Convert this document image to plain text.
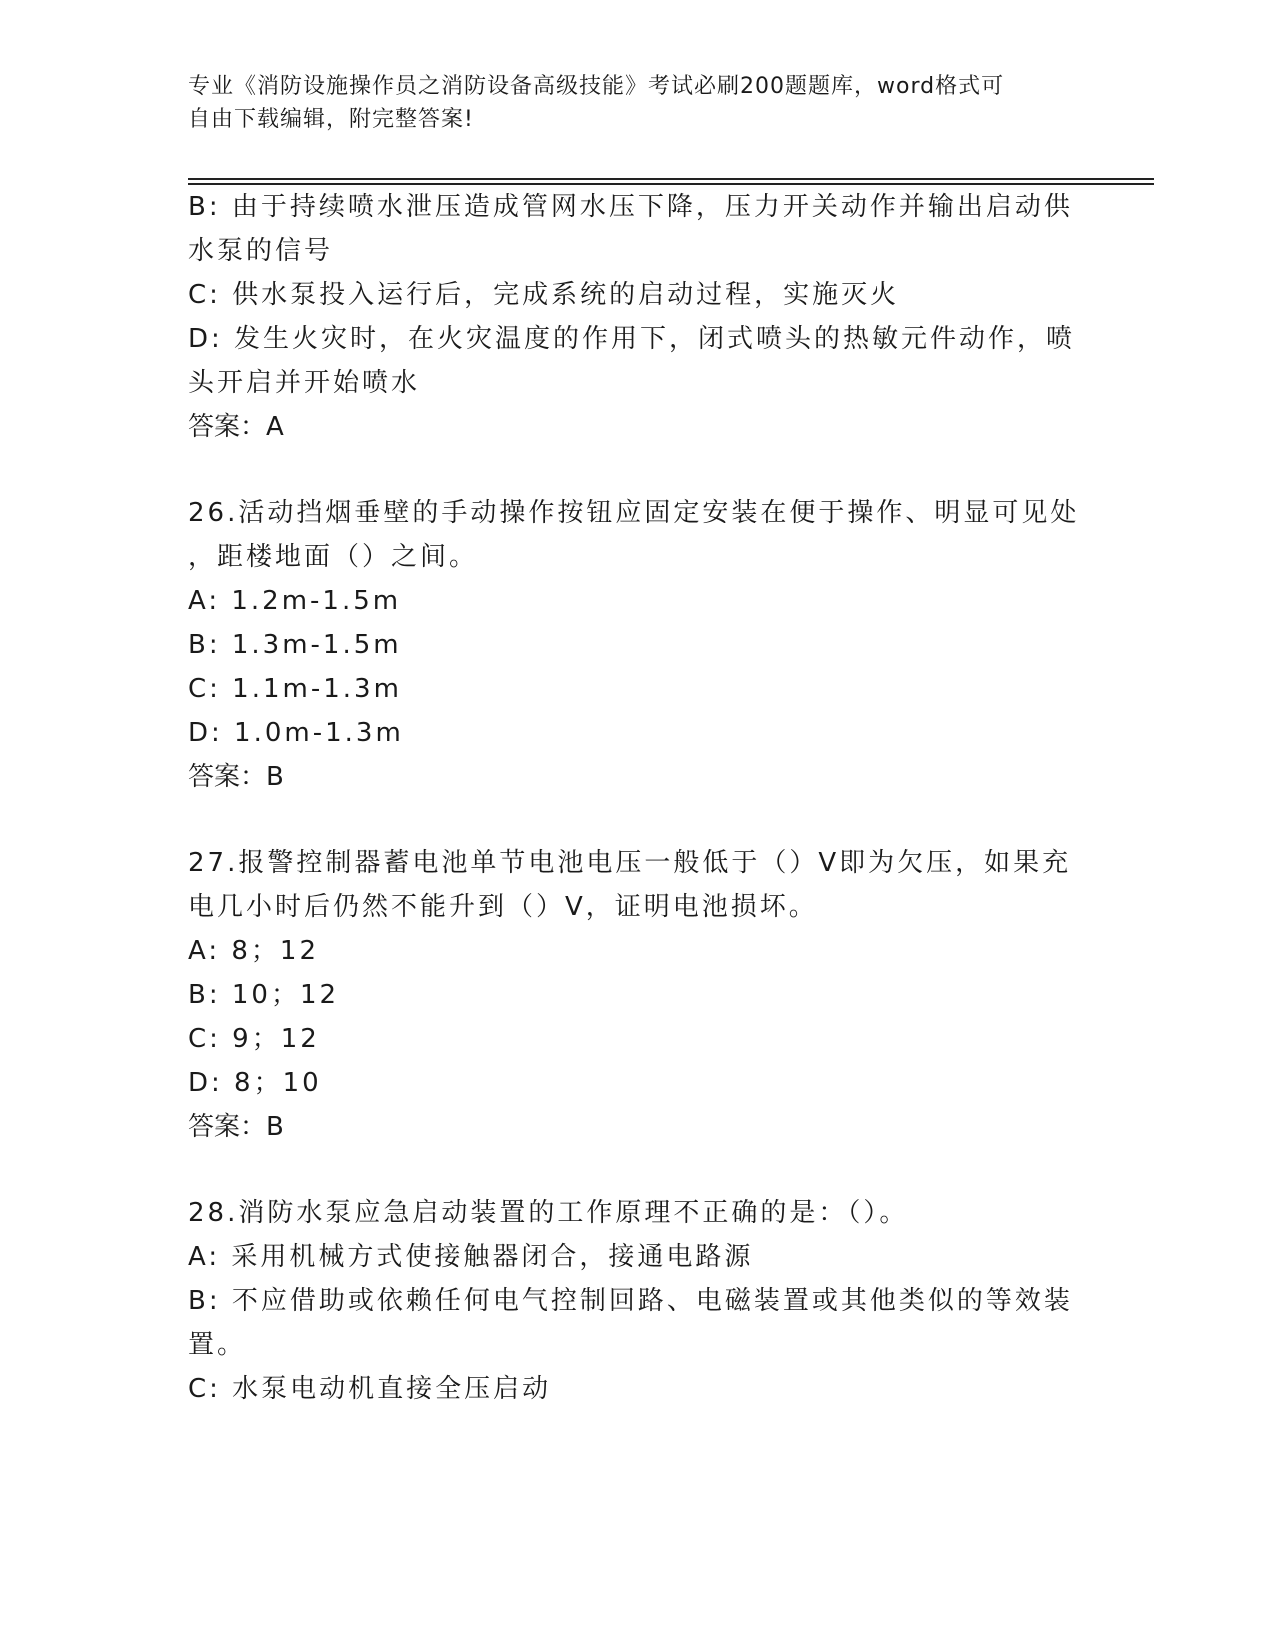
专业《消防设施操作员之消防设备高级技能》考试必刷200题题库，word格式可
自由下载编辑，附完整答案!
B: 由于持续喷水泄压造成管网水压下降，压力开关动作并输出启动供
水泵的信号
C: 供水泵投入运行后，完成系统的启动过程，实施灭火
D: 发生火灾时，在火灾温度的作用下，闭式喷头的热敏元件动作，喷
头开启并开始喷水
答案：A
26.活动挡烟垂壁的手动操作按钮应固定安装在便于操作、明显可见处
，距楼地面（）之间。
A: 1.2m-1.5m
B: 1.3m-1.5m
C: 1.1m-1.3m
D: 1.0m-1.3m
答案：B
27.报警控制器蓄电池单节电池电压一般低于（）V即为欠压，如果充
电几小时后仍然不能升到（）V，证明电池损坏。
A: 8；12
B: 10；12
C: 9；12
D: 8；10
答案：B
28.消防水泵应急启动装置的工作原理不正确的是：（）。
A: 采用机械方式使接触器闭合，接通电路源
B: 不应借助或依赖任何电气控制回路、电磁装置或其他类似的等效装
置。
C: 水泵电动机直接全压启动
